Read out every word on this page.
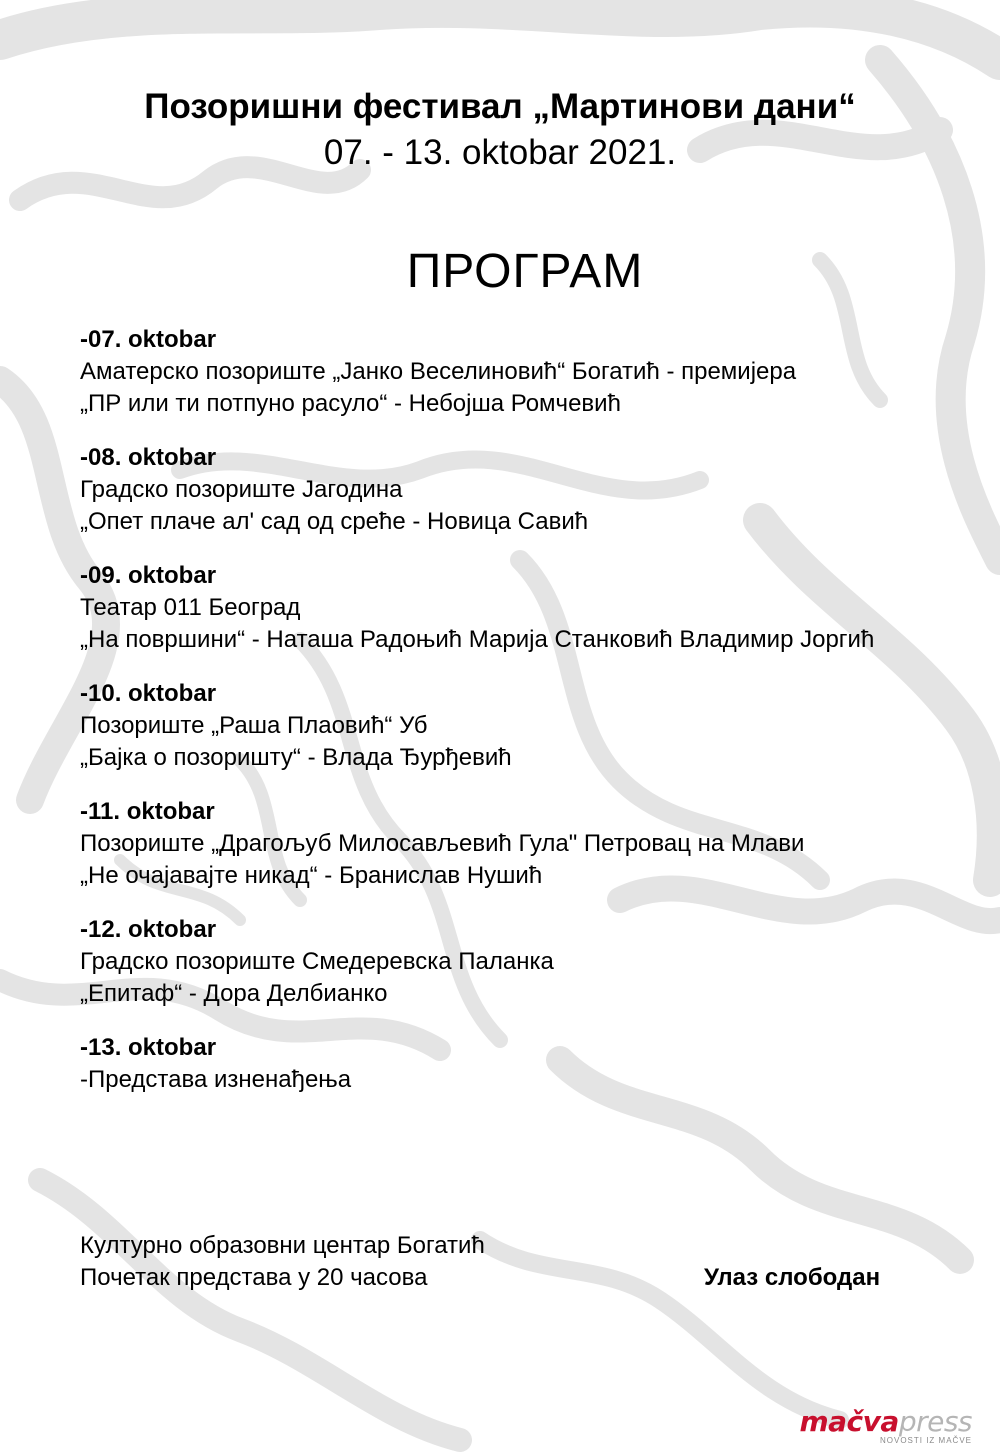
Позоришни фестивал „Мартинови дани“
07. - 13. oktobar 2021.
ПРОГРАМ
-07. oktobar
Аматерско позориште „Јанко Веселиновић“ Богатић - премијера
„ПР или ти потпуно расуло“ - Небојша Ромчевић
-08. oktobar
Градско позориште Јагодина
„Опет плаче ал' сад од среће - Новица Савић
-09. oktobar
Театар 011 Београд
„На површини“ - Наташа Радоњић Марија Станковић Владимир Јоргић
-10. oktobar
Позориште „Раша Плаовић“ Уб
„Бајка о позоришту“ - Влада Ђурђевић
-11. oktobar
Позориште „Драгољуб Милосављевић Гула" Петровац на Млави
„Не очајавајте никад“ - Бранислав Нушић
-12. oktobar
Градско позориште Смедеревска Паланка
„Епитаф“ - Дора Делбианко
-13. oktobar
-Представа изненађења
Културно образовни центар Богатић
Почетак представа у 20 часова	Улаз слободан
mačvapress
NOVOSTI IZ MAČVE
